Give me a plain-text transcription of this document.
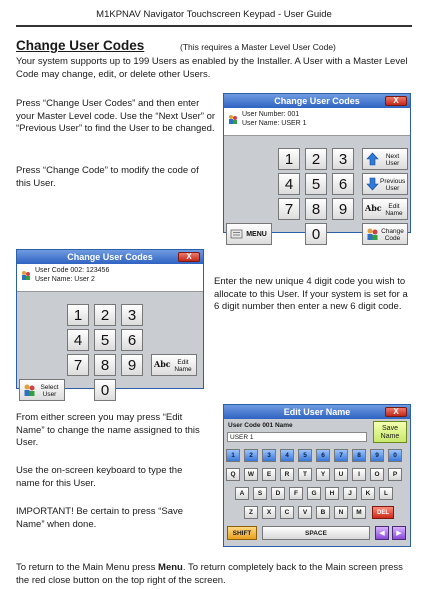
M1KPNAV Navigator Touchscreen Keypad - User Guide
Change User Codes	(This requires a Master Level User Code)
Your system supports up to 199 Users as enabled by the Installer. A User with a Master Level Code may change, edit, or delete other Users.
Press “Change User Codes” and then enter your Master Level code. Use the “Next User” or “Previous User” to find the User to be changed.
Press “Change Code” to modify the code of this User.
Enter the new unique 4 digit code you wish to allocate to this User. If your system is set for a 6 digit number then enter a new 6 digit code.
From either screen you may press “Edit Name” to change the name assigned to this User.
Use the on-screen keyboard to type the name for this User.
IMPORTANT! Be certain to press “Save Name” when done.
To return to the Main Menu press Menu. To return completely back to the Main screen press the red close button on the top right of the screen.
Change User Codes	X
User Number: 001
User Name: USER 1
1	2	3
4	5	6
7	8	9
0
Next User
Previous User
Abc	Edit Name
MENU	Change Code
Change User Codes	X
User Code 002: 123456
User Name: User 2
1	2	3
4	5	6
7	8	9
0
Abc	Edit Name
Select User
Edit User Name	X
User Code 001 Name
USER 1
Save Name
1	2	3	4	5	6	7	8	9	0
Q	W	E	R	T	Y	U	I	O	P
A	S	D	F	G	H	J	K	L
Z	X	C	V	B	N	M	DEL
SHIFT	SPACE	◀	▶
